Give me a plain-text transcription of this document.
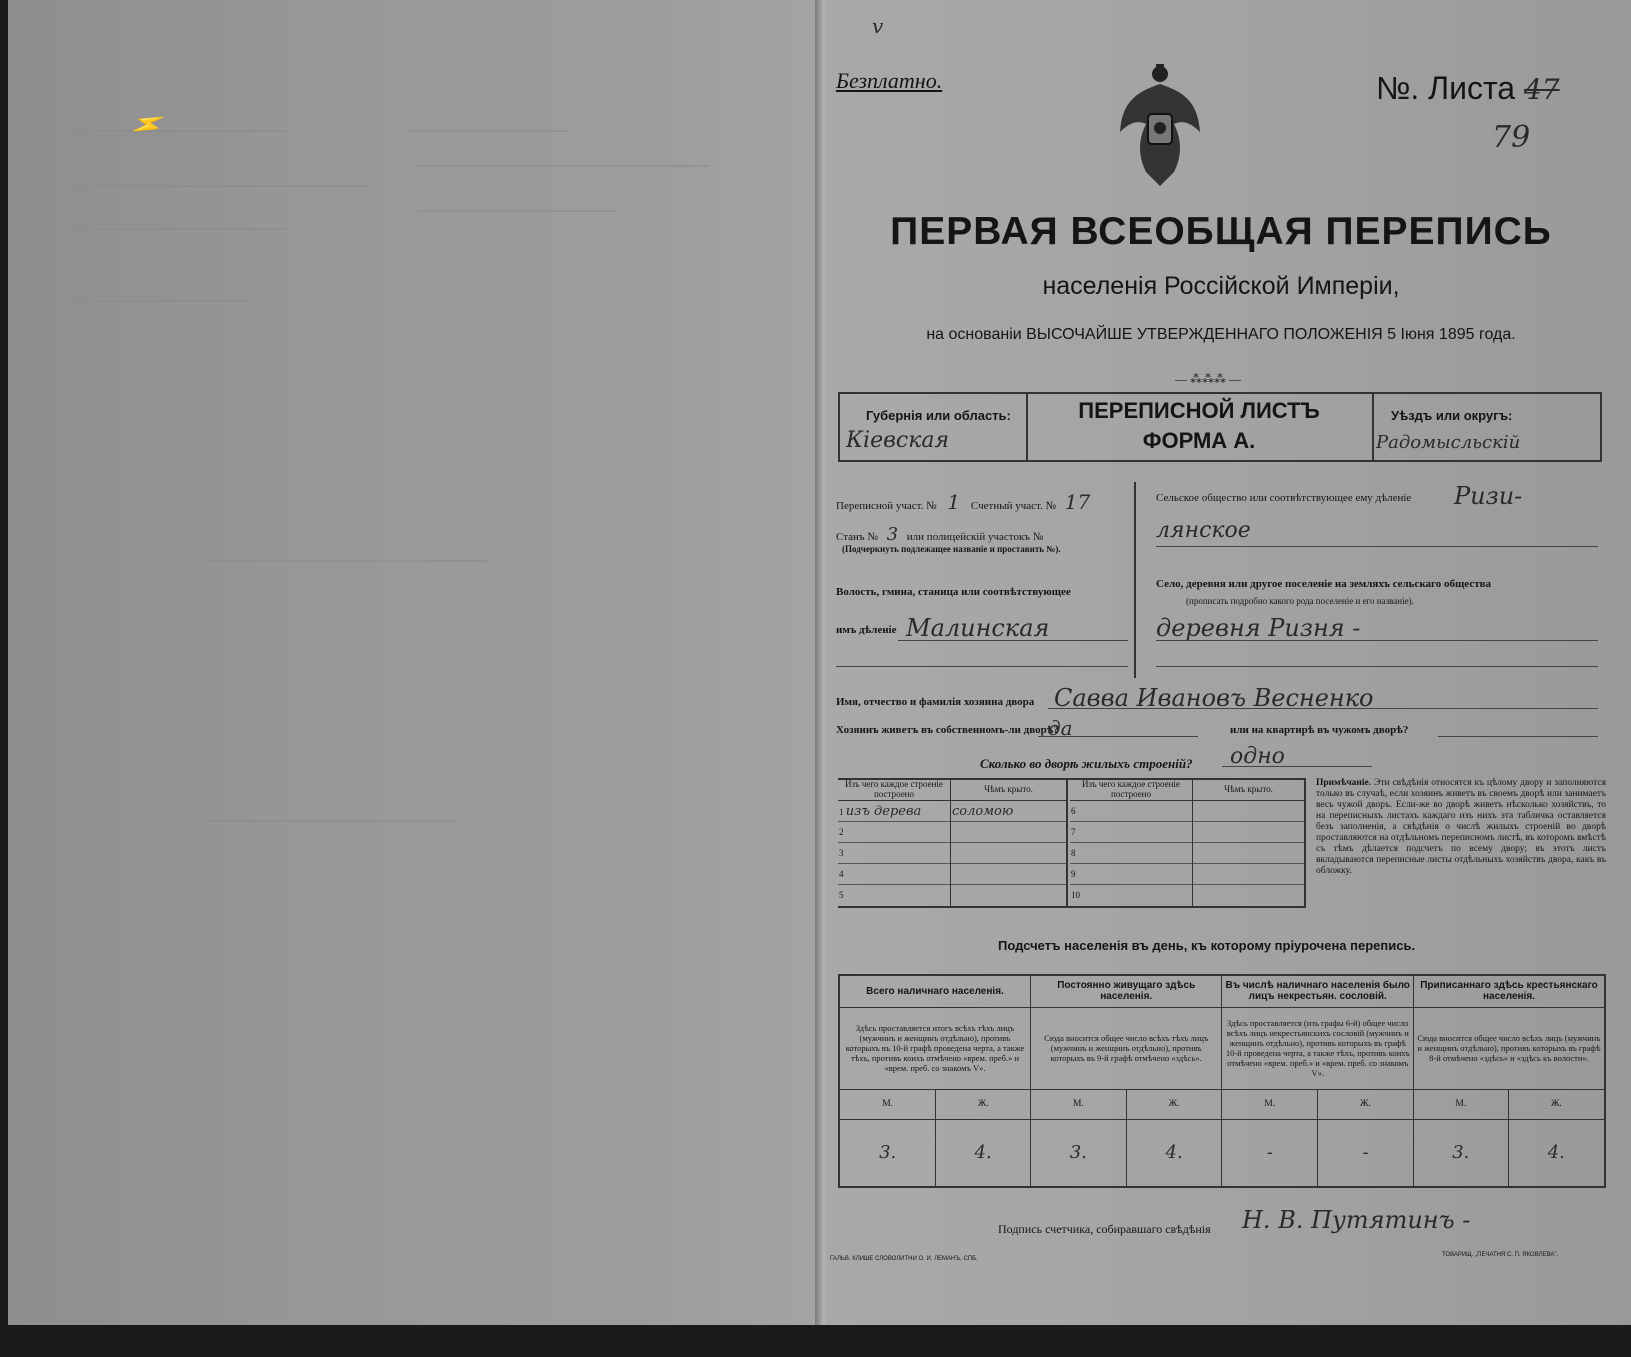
⚡
v
Безплатно.	№. Листа 47
79
ПЕРВАЯ ВСЕОБЩАЯ ПЕРЕПИСЬ
населенія Россійской Имперіи,
на основаніи ВЫСОЧАЙШЕ УТВЕРЖДЕННАГО ПОЛОЖЕНІЯ 5 Іюня 1895 года.
— ⁂⁂⁂ —
Губернія или область:
Кіевская
ПЕРЕПИСНОЙ ЛИСТЪ
ФОРМА А.
Уѣздъ или округъ:
Радомысльскій
Переписной участ. № 1 Счетный участ. № 17
Станъ № 3 или полицейскій участокъ №
(Подчеркнуть подлежащее названіе и проставить №).
Волость, гмина, станица или соотвѣтствующее
имъ дѣленіе Малинская
Сельское общество или соотвѣтствующее ему дѣленіе Ризи-
лянское
Село, деревня или другое поселеніе на земляхъ сельскаго общества
(прописать подробно какого рода поселеніе и его названіе).
деревня Ризня -
Имя, отчество и фамилія хозяина двора Савва Ивановъ Весненко
Хозяинъ живетъ въ собственномъ-ли дворѣ?
да	или на квартирѣ въ чужомъ дворѣ?
Сколько во дворѣ жилыхъ строеній? одно
Изъ чего каждое строеніе построено	Чѣмъ крыто.
1 изъ дерева	соломою
2	
3	
4	
5	
Изъ чего каждое строеніе построено	Чѣмъ крыто.
6	
7	
8	
9	
10	
Примѣчаніе. Эти свѣдѣнія относятся къ цѣлому двору и заполняются только въ случаѣ, если хозяинъ живетъ въ своемъ дворѣ или занимаетъ весь чужой дворъ. Если-же во дворѣ живетъ нѣсколько хозяйствъ, то на переписныхъ листахъ каждаго изъ нихъ эта табличка оставляется безъ заполненія, а свѣдѣнія о числѣ жилыхъ строеній во дворѣ проставляются на отдѣльномъ переписномъ листѣ, въ которомъ вмѣстѣ съ тѣмъ дѣлается подсчетъ по всему двору; въ этотъ листъ вкладываются переписные листы отдѣльныхъ хозяйствъ двора, какъ въ обложку.
Подсчетъ населенія въ день, къ которому пріурочена перепись.
Всего наличнаго населенія.		Постоянно живущаго здѣсь населенія.		Въ числѣ наличнаго населенія было лицъ некрестьян. сословій.		Приписаннаго здѣсь крестьянскаго населенія.	
Здѣсь проставляется итогъ всѣхъ тѣхъ лицъ (мужчинъ и женщинъ отдѣльно), противъ которыхъ въ 10-й графѣ проведена черта, а также тѣхъ, противъ коихъ отмѣчено «врем. преб.» и «врем. преб. со знакомъ V».		Сюда вносится общее число всѣхъ тѣхъ лицъ (мужчинъ и женщинъ отдѣльно), противъ которыхъ въ 9-й графѣ отмѣчено «здѣсь».		Здѣсь проставляется (изъ графы 6-й) общее число всѣхъ лицъ некрестьянскихъ сословій (мужчинъ и женщинъ отдѣльно), противъ которыхъ въ графѣ 10-й проведена черта, а также тѣхъ, противъ коихъ отмѣчено «врем. преб.» и «врем. преб. со знакомъ V».		Сюда вносится общее число всѣхъ лицъ (мужчинъ и женщинъ отдѣльно), противъ которыхъ въ графѣ 8-й отмѣчено «здѣсь» и «здѣсь къ волости».	
М.	Ж.	М.	Ж.	М.	Ж.	М.	Ж.
3.	4.	3.	4.	-	-	3.	4.
Подпись счетчика, собиравшаго свѣдѣнія Н. В. Путятинъ -
ГАЛЬВ. КЛИШЕ СЛОВОЛИТНИ О. И. ЛЕМАНЪ, СПБ.
ТОВАРИЩ. „ПЕЧАТНЯ С. П. ЯКОВЛЕВА".
